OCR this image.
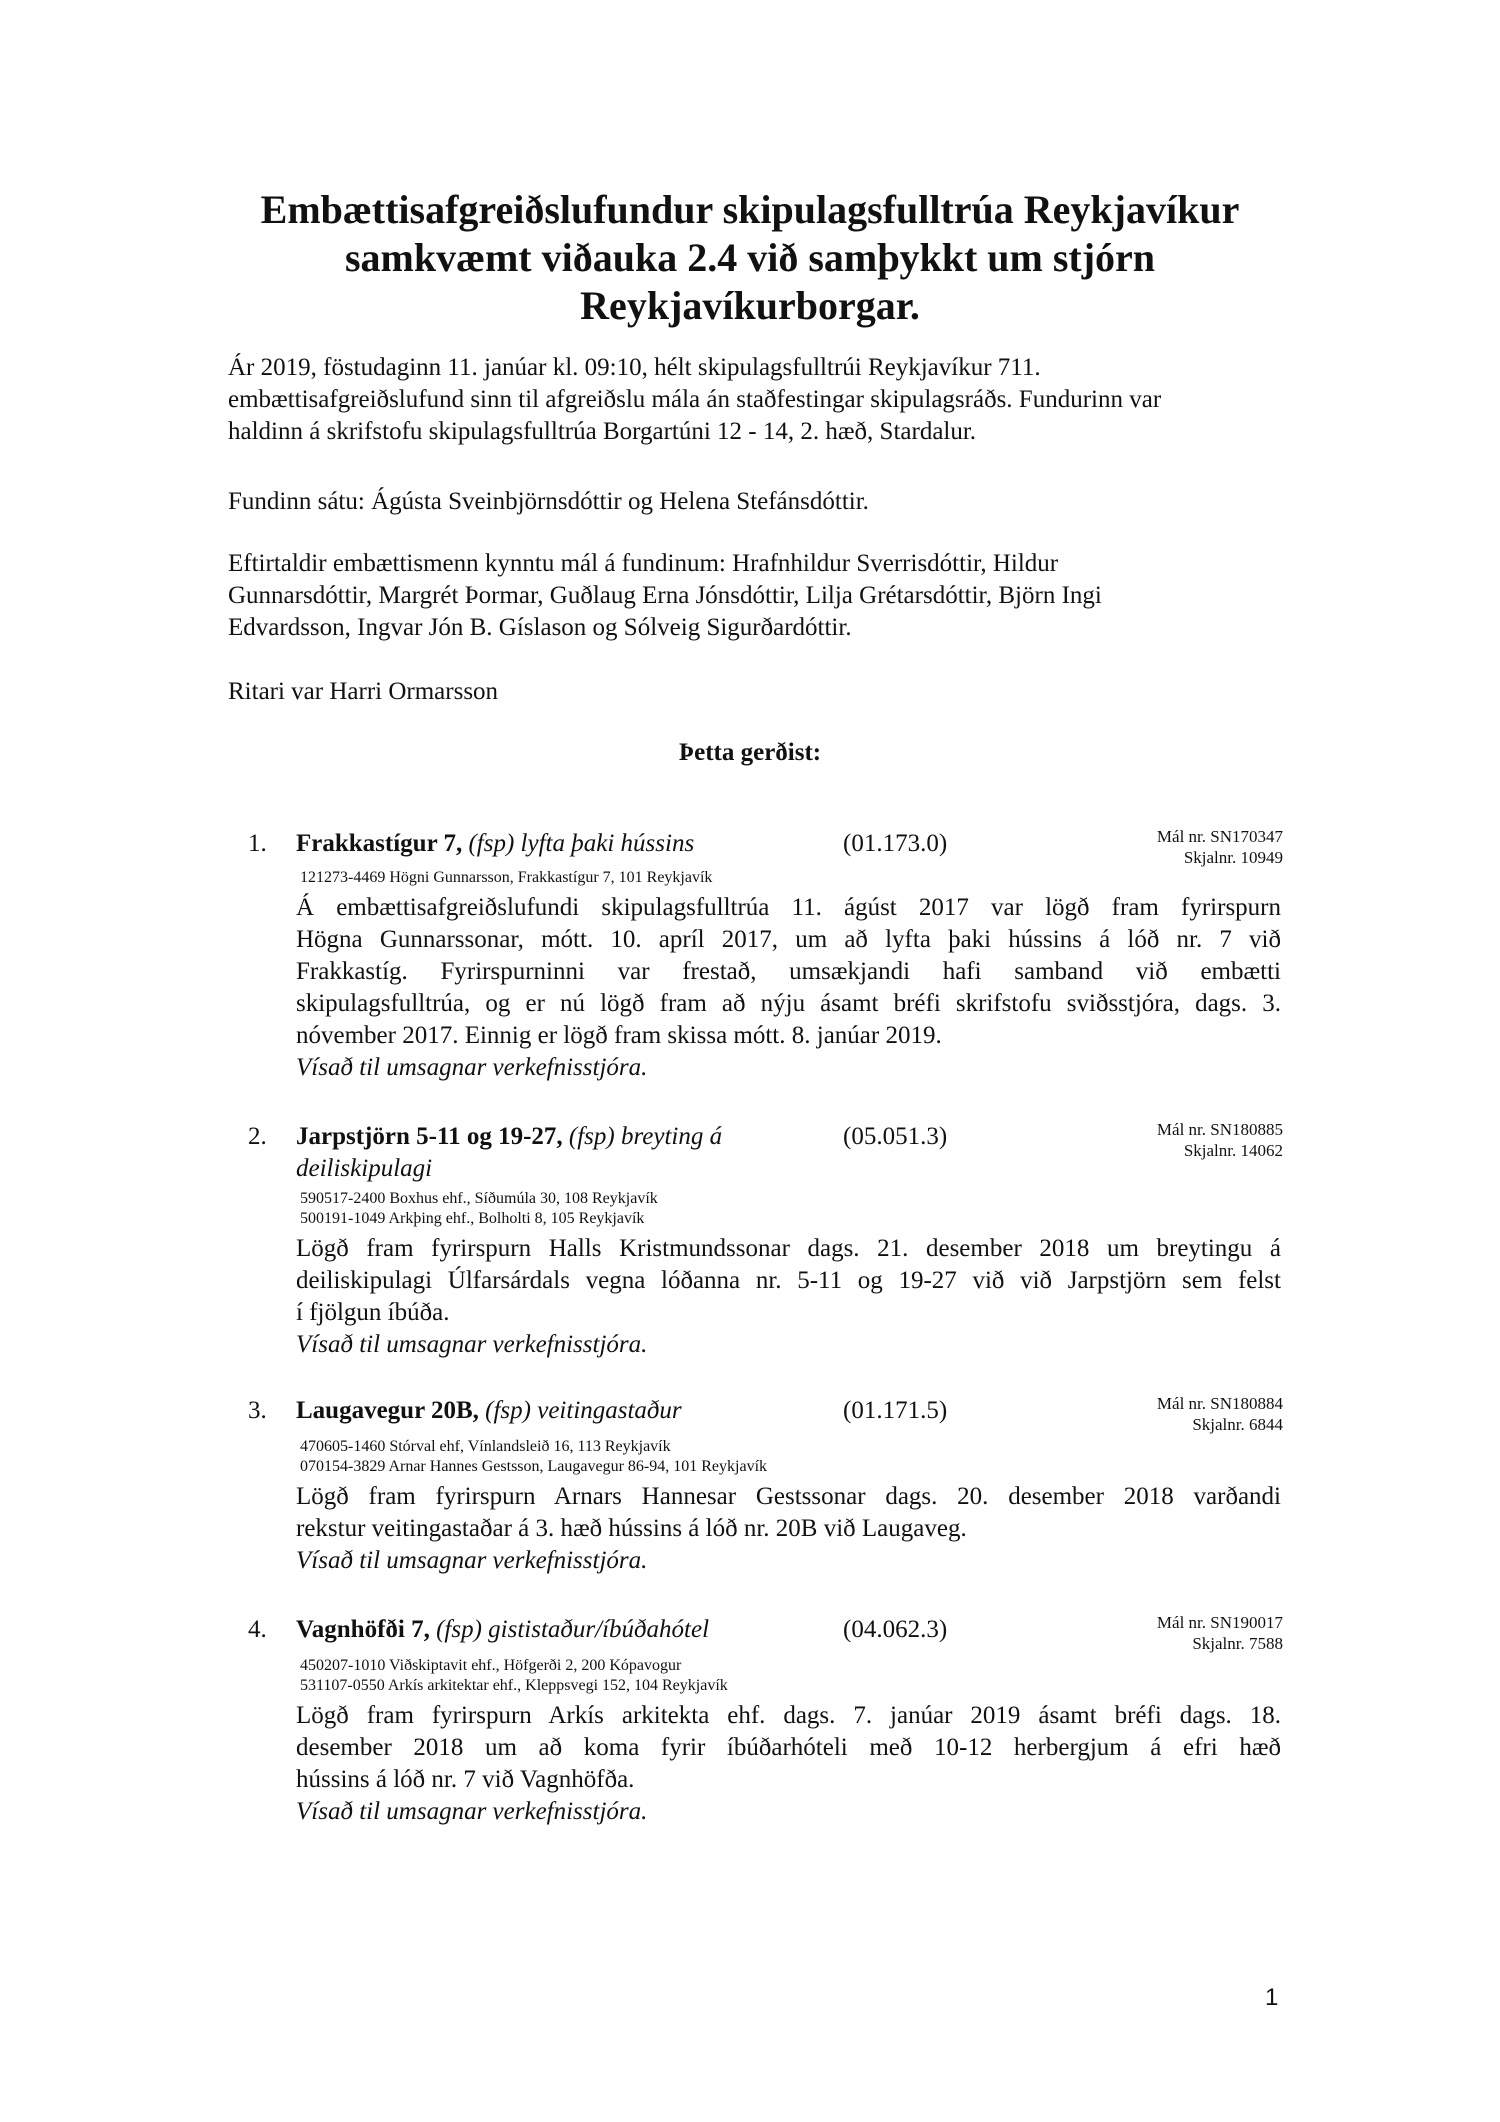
Embættisafgreiðslufundur skipulagsfulltrúa Reykjavíkur
samkvæmt viðauka 2.4 við samþykkt um stjórn
Reykjavíkurborgar.
Ár 2019, föstudaginn 11. janúar kl. 09:10, hélt skipulagsfulltrúi Reykjavíkur 711.
embættisafgreiðslufund sinn til afgreiðslu mála án staðfestingar skipulagsráðs. Fundurinn var
haldinn á skrifstofu skipulagsfulltrúa Borgartúni 12 - 14, 2. hæð, Stardalur.
Fundinn sátu: Ágústa Sveinbjörnsdóttir og Helena Stefánsdóttir.
Eftirtaldir embættismenn kynntu mál á fundinum: Hrafnhildur Sverrisdóttir, Hildur
Gunnarsdóttir, Margrét Þormar, Guðlaug Erna Jónsdóttir, Lilja Grétarsdóttir, Björn Ingi
Edvardsson, Ingvar Jón B. Gíslason og Sólveig Sigurðardóttir.
Ritari var Harri Ormarsson
Þetta gerðist:
1. Frakkastígur 7, (fsp) lyfta þaki hússins	(01.173.0)	Mál nr. SN170347
Skjalnr. 10949
121273-4469 Högni Gunnarsson, Frakkastígur 7, 101 Reykjavík
Á embættisafgreiðslufundi skipulagsfulltrúa 11. ágúst 2017 var lögð fram fyrirspurn
Högna Gunnarssonar, mótt. 10. apríl 2017, um að lyfta þaki hússins á lóð nr. 7 við
Frakkastíg. Fyrirspurninni var frestað, umsækjandi hafi samband við embætti
skipulagsfulltrúa, og er nú lögð fram að nýju ásamt bréfi skrifstofu sviðsstjóra, dags. 3.
nóvember 2017. Einnig er lögð fram skissa mótt. 8. janúar 2019.
Vísað til umsagnar verkefnisstjóra.
2. Jarpstjörn 5-11 og 19-27, (fsp) breyting á
deiliskipulagi
(05.051.3)	Mál nr. SN180885
Skjalnr. 14062
590517-2400 Boxhus ehf., Síðumúla 30, 108 Reykjavík
500191-1049 Arkþing ehf., Bolholti 8, 105 Reykjavík
Lögð fram fyrirspurn Halls Kristmundssonar dags. 21. desember 2018 um breytingu á
deiliskipulagi Úlfarsárdals vegna lóðanna nr. 5-11 og 19-27 við við Jarpstjörn sem felst
í fjölgun íbúða.
Vísað til umsagnar verkefnisstjóra.
3. Laugavegur 20B, (fsp) veitingastaður	(01.171.5)	Mál nr. SN180884
Skjalnr. 6844
470605-1460 Stórval ehf, Vínlandsleið 16, 113 Reykjavík
070154-3829 Arnar Hannes Gestsson, Laugavegur 86-94, 101 Reykjavík
Lögð fram fyrirspurn Arnars Hannesar Gestssonar dags. 20. desember 2018 varðandi
rekstur veitingastaðar á 3. hæð hússins á lóð nr. 20B við Laugaveg.
Vísað til umsagnar verkefnisstjóra.
4. Vagnhöfði 7, (fsp) gististaður/íbúðahótel	(04.062.3)	Mál nr. SN190017
Skjalnr. 7588
450207-1010 Viðskiptavit ehf., Höfgerði 2, 200 Kópavogur
531107-0550 Arkís arkitektar ehf., Kleppsvegi 152, 104 Reykjavík
Lögð fram fyrirspurn Arkís arkitekta ehf. dags. 7. janúar 2019 ásamt bréfi dags. 18.
desember 2018 um að koma fyrir íbúðarhóteli með 10-12 herbergjum á efri hæð
hússins á lóð nr. 7 við Vagnhöfða.
Vísað til umsagnar verkefnisstjóra.
1
